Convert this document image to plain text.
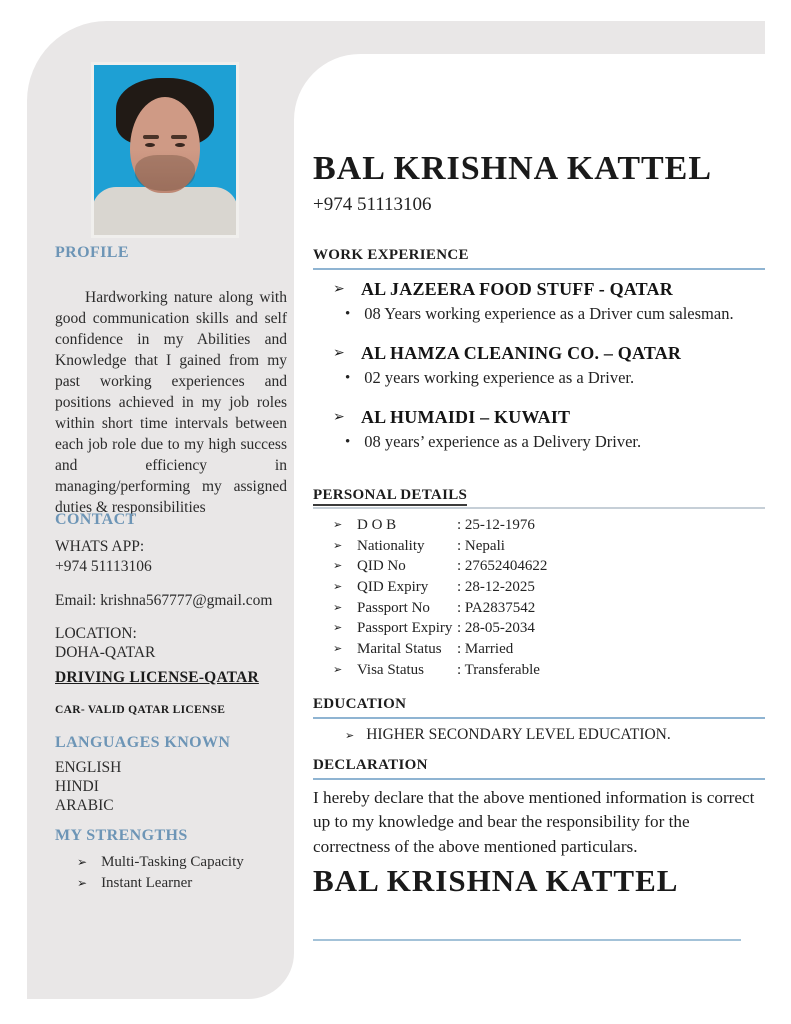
PROFILE
Hardworking nature along with good communication skills and self confidence in my Abilities and Knowledge that I gained from my past working experiences and positions achieved in my job roles within short time intervals between each job role due to my high success and efficiency in managing/performing my assigned duties & responsibilities
CONTACT
WHATS APP:
+974 51113106
Email: krishna567777@gmail.com
LOCATION:
DOHA-QATAR
DRIVING LICENSE-QATAR
CAR- VALID QATAR LICENSE
LANGUAGES KNOWN
ENGLISH
HINDI
ARABIC
MY STRENGTHS
➢ Multi-Tasking Capacity
➢ Instant Learner
BAL KRISHNA KATTEL
+974 51113106
WORK EXPERIENCE
➢ AL JAZEERA FOOD STUFF - QATAR
• 08 Years working experience as a Driver cum salesman.
➢ AL HAMZA CLEANING CO. – QATAR
• 02 years working experience as a Driver.
➢ AL HUMAIDI – KUWAIT
• 08 years’ experience as a Delivery Driver.
PERSONAL DETAILS
➢ D O B	: 25-12-1976
➢ Nationality	: Nepali
➢ QID No	: 27652404622
➢ QID Expiry	: 28-12-2025
➢ Passport No	: PA2837542
➢ Passport Expiry : 28-05-2034
➢ Marital Status	: Married
➢ Visa Status	: Transferable
EDUCATION
➢ HIGHER SECONDARY LEVEL EDUCATION.
DECLARATION
I hereby declare that the above mentioned information is correct up to my knowledge and bear the responsibility for the correctness of the above mentioned particulars.
BAL KRISHNA KATTEL
